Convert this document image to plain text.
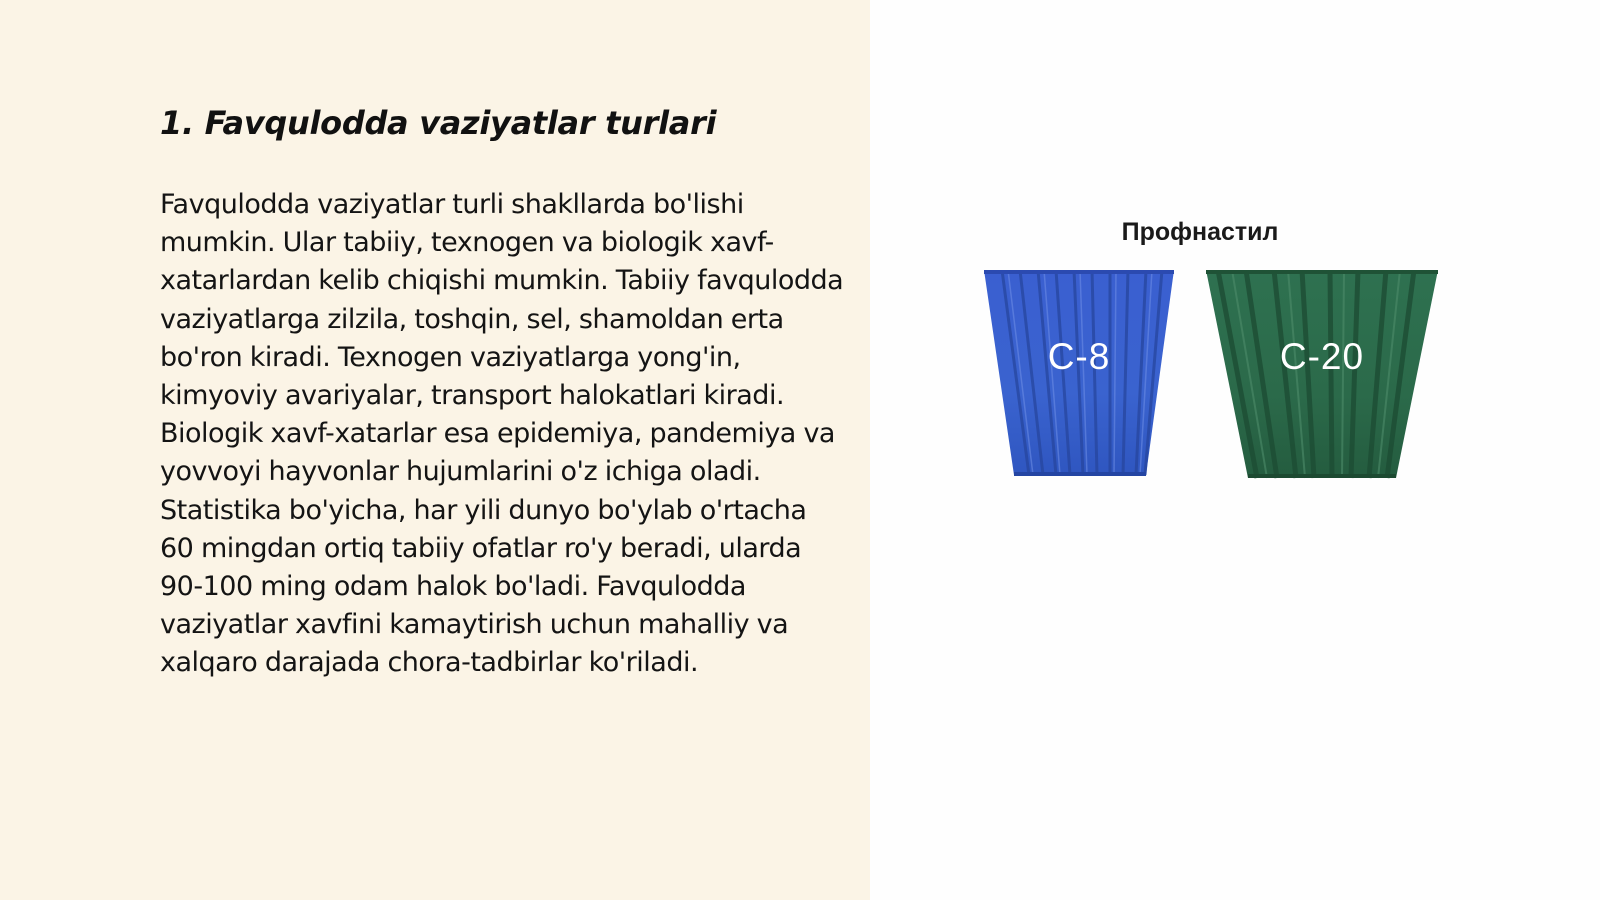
1. Favqulodda vaziyatlar turlari

Favqulodda vaziyatlar turli shakllarda bo'lishi mumkin. Ular tabiiy, texnogen va biologik xavf-xatarlardan kelib chiqishi mumkin. Tabiiy favqulodda vaziyatlarga zilzila, toshqin, sel, shamoldan erta bo'ron kiradi. Texnogen vaziyatlarga yong'in, kimyoviy avariyalar, transport halokatlari kiradi. Biologik xavf-xatarlar esa epidemiya, pandemiya va yovvoyi hayvonlar hujumlarini o'z ichiga oladi. Statistika bo'yicha, har yili dunyo bo'ylab o'rtacha 60 mingdan ortiq tabiiy ofatlar ro'y beradi, ularda 90-100 ming odam halok bo'ladi. Favqulodda vaziyatlar xavfini kamaytirish uchun mahalliy va xalqaro darajada chora-tadbirlar ko'riladi.

Профнастил
С-8	С-20
